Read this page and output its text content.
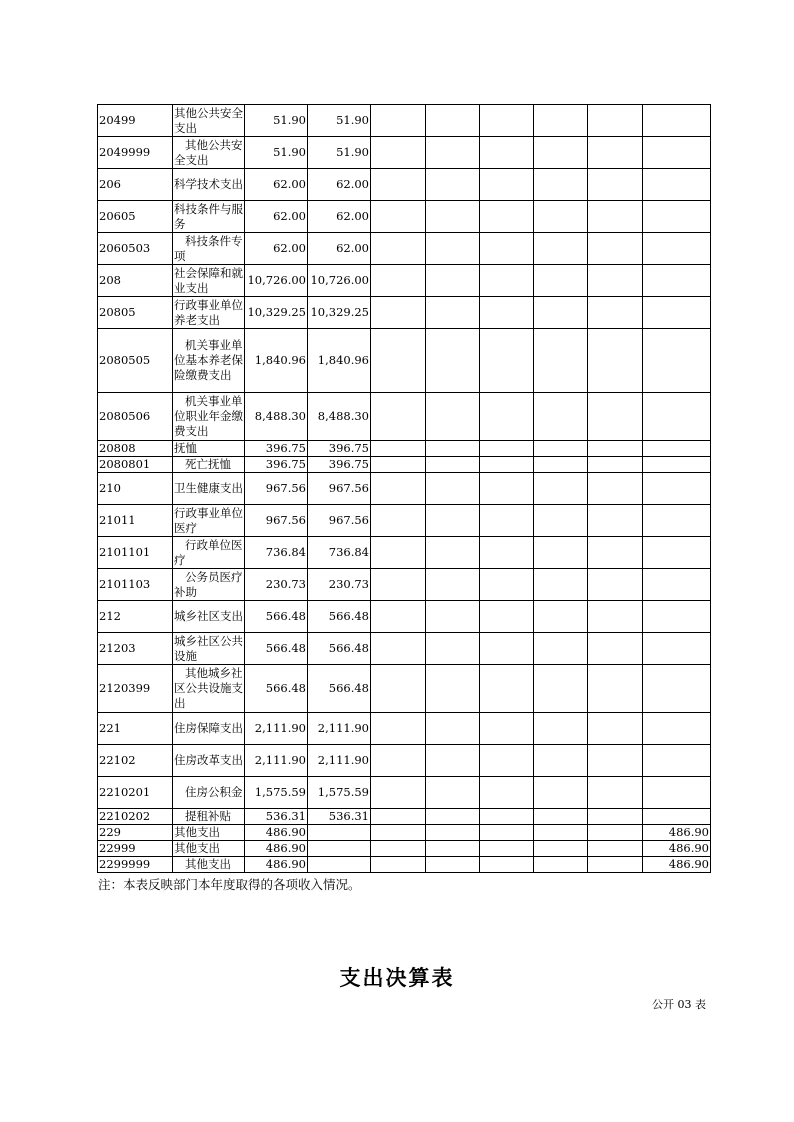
20499	其他公共安全支出	51.90	51.90						
2049999	其他公共安全支出	51.90	51.90						
206	科学技术支出	62.00	62.00						
20605	科技条件与服务	62.00	62.00						
2060503	科技条件专项	62.00	62.00						
208	社会保障和就业支出	10,726.00	10,726.00						
20805	行政事业单位养老支出	10,329.25	10,329.25						
2080505	机关事业单位基本养老保险缴费支出	1,840.96	1,840.96						
2080506	机关事业单位职业年金缴费支出	8,488.30	8,488.30						
20808	抚恤	396.75	396.75						
2080801	死亡抚恤	396.75	396.75						
210	卫生健康支出	967.56	967.56						
21011	行政事业单位医疗	967.56	967.56						
2101101	行政单位医疗	736.84	736.84						
2101103	公务员医疗补助	230.73	230.73						
212	城乡社区支出	566.48	566.48						
21203	城乡社区公共设施	566.48	566.48						
2120399	其他城乡社区公共设施支出	566.48	566.48						
221	住房保障支出	2,111.90	2,111.90						
22102	住房改革支出	2,111.90	2,111.90						
2210201	住房公积金	1,575.59	1,575.59						
2210202	提租补贴	536.31	536.31						
229	其他支出	486.90							486.90
22999	其他支出	486.90							486.90
2299999	其他支出	486.90							486.90
注：本表反映部门本年度取得的各项收入情况。
支出决算表
公开 03 表
